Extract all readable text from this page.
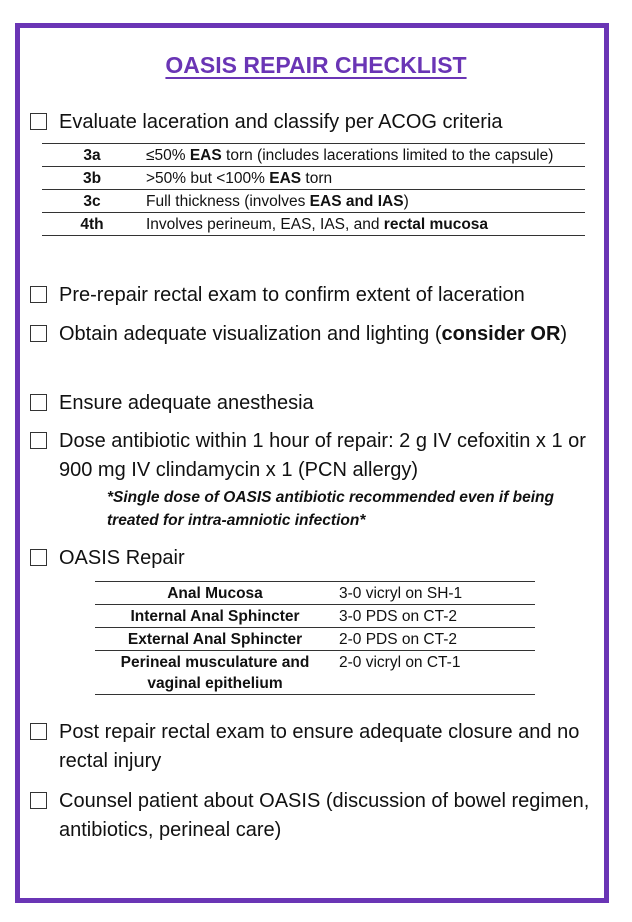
OASIS REPAIR CHECKLIST
Evaluate laceration and classify per ACOG criteria
3a	≤50% EAS torn (includes lacerations limited to the capsule)
3b	>50% but <100% EAS torn
3c	Full thickness (involves EAS and IAS)
4th	Involves perineum, EAS, IAS, and rectal mucosa
Pre-repair rectal exam to confirm extent of laceration
Obtain adequate visualization and lighting (consider OR)
Ensure adequate anesthesia
Dose antibiotic within 1 hour of repair: 2 g IV cefoxitin x 1 or 900 mg IV clindamycin x 1 (PCN allergy)
*Single dose of OASIS antibiotic recommended even if being treated for intra-amniotic infection*
OASIS Repair
Anal Mucosa	3-0 vicryl on SH-1
Internal Anal Sphincter	3-0 PDS on CT-2
External Anal Sphincter	2-0 PDS on CT-2
Perineal musculature and vaginal epithelium	2-0 vicryl on CT-1
Post repair rectal exam to ensure adequate closure and no rectal injury
Counsel patient about OASIS (discussion of bowel regimen, antibiotics, perineal care)
